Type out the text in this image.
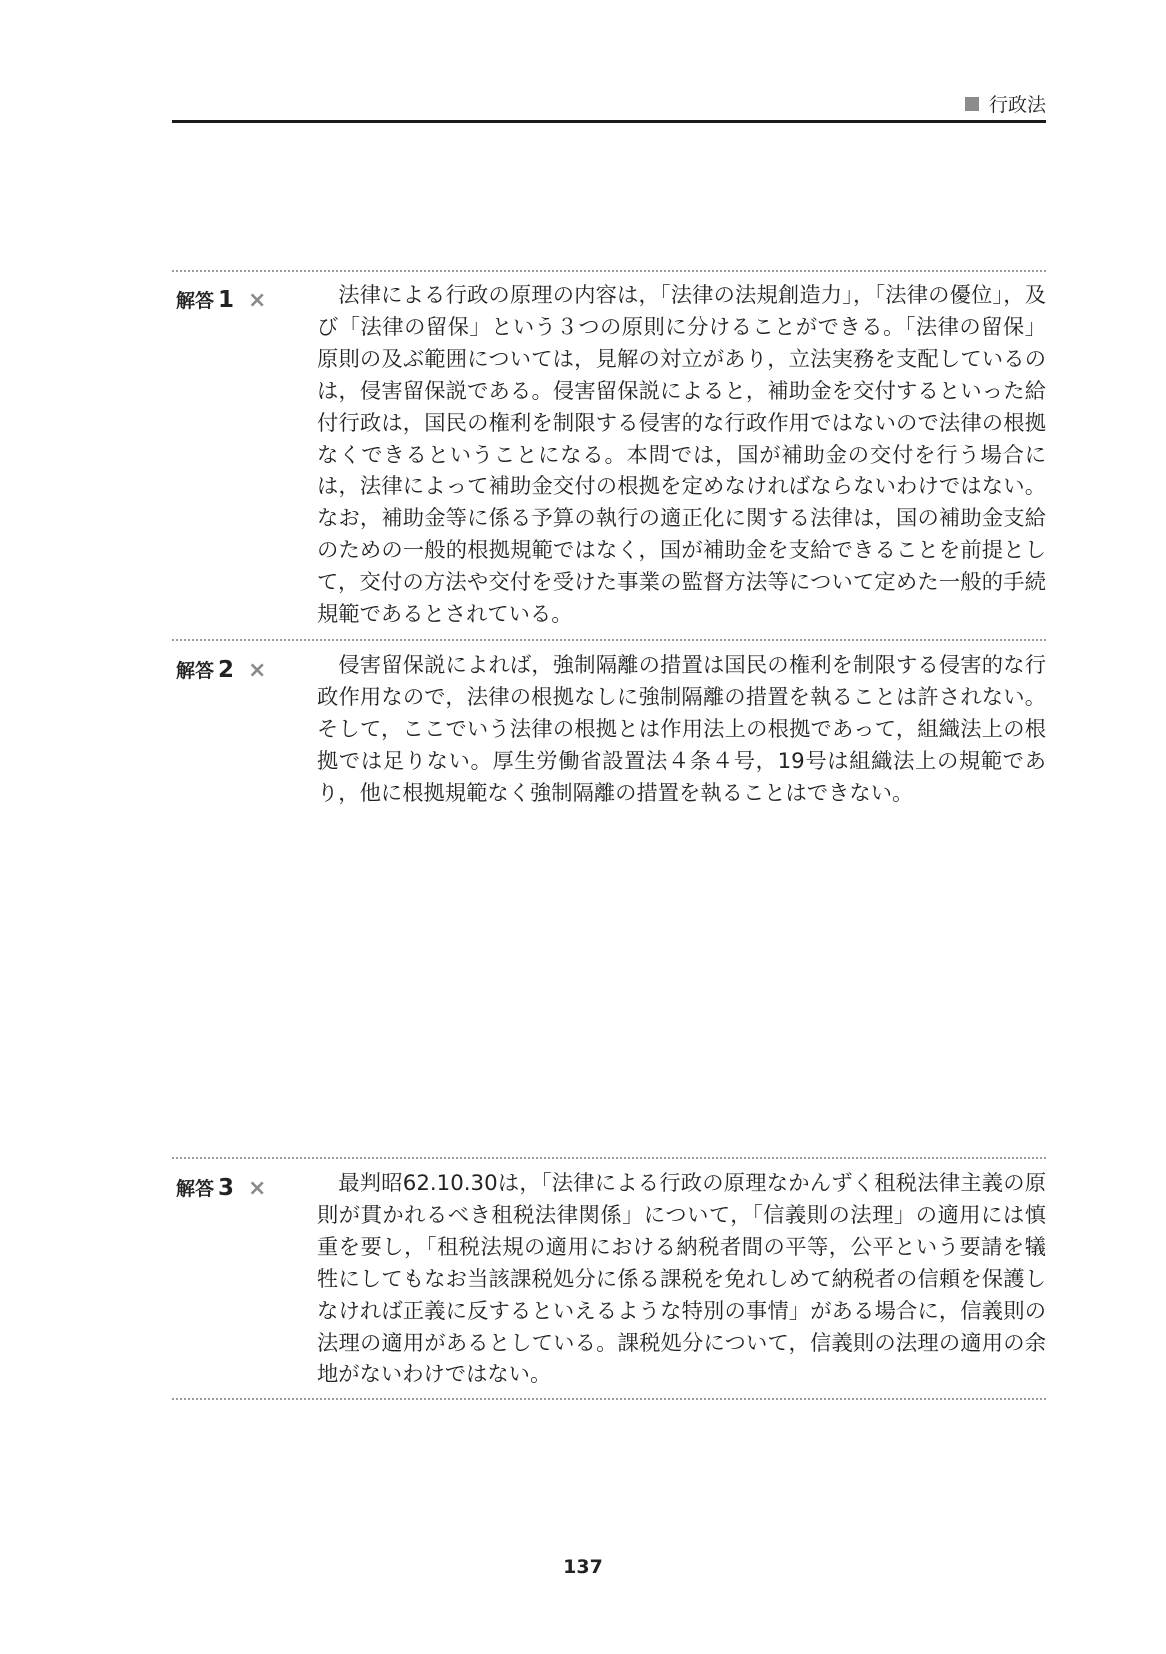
行政法
解答 1 ×	法律による行政の原理の内容は，「法律の法規創造力」，「法律の優位」，及び「法律の留保」という３つの原則に分けることができる。「法律の留保」原則の及ぶ範囲については，見解の対立があり，立法実務を支配しているのは，侵害留保説である。侵害留保説によると，補助金を交付するといった給付行政は，国民の権利を制限する侵害的な行政作用ではないので法律の根拠なくできるということになる。本問では，国が補助金の交付を行う場合には，法律によって補助金交付の根拠を定めなければならないわけではない。なお，補助金等に係る予算の執行の適正化に関する法律は，国の補助金支給のための一般的根拠規範ではなく，国が補助金を支給できることを前提として，交付の方法や交付を受けた事業の監督方法等について定めた一般的手続規範であるとされている。

解答 2 ×	侵害留保説によれば，強制隔離の措置は国民の権利を制限する侵害的な行政作用なので，法律の根拠なしに強制隔離の措置を執ることは許されない。そして，ここでいう法律の根拠とは作用法上の根拠であって，組織法上の根拠では足りない。厚生労働省設置法４条４号，19号は組織法上の規範であり，他に根拠規範なく強制隔離の措置を執ることはできない。

解答 3 ×	最判昭62.10.30は，「法律による行政の原理なかんずく租税法律主義の原則が貫かれるべき租税法律関係」について，「信義則の法理」の適用には慎重を要し，「租税法規の適用における納税者間の平等，公平という要請を犠牲にしてもなお当該課税処分に係る課税を免れしめて納税者の信頼を保護しなければ正義に反するといえるような特別の事情」がある場合に，信義則の法理の適用があるとしている。課税処分について，信義則の法理の適用の余地がないわけではない。

137
